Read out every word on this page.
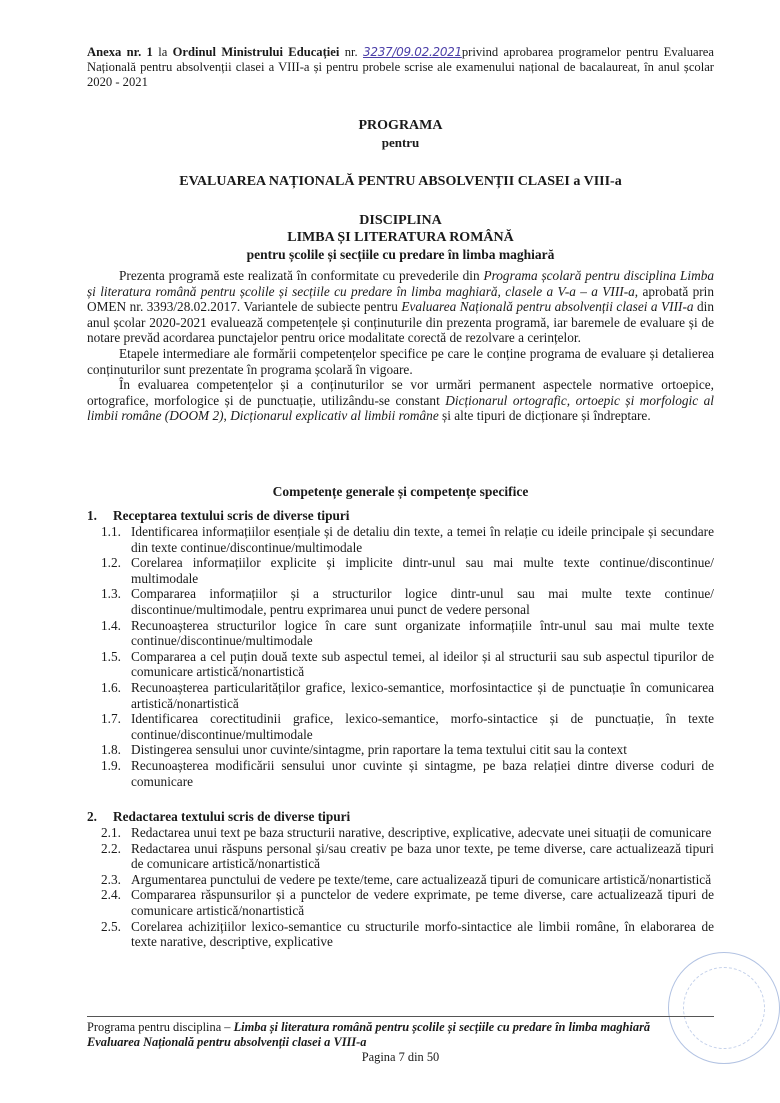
Anexa nr. 1 la Ordinul Ministrului Educației nr. 3237/09.02.2021privind aprobarea programelor pentru Evaluarea Națională pentru absolvenții clasei a VIII-a și pentru probele scrise ale examenului național de bacalaureat, în anul școlar 2020 - 2021
PROGRAMA
pentru
EVALUAREA NAȚIONALĂ PENTRU ABSOLVENȚII CLASEI a VIII-a
DISCIPLINA
LIMBA ȘI LITERATURA ROMÂNĂ
pentru școlile și secțiile cu predare în limba maghiară

Prezenta programă este realizată în conformitate cu prevederile din Programa școlară pentru disciplina Limba și literatura română pentru școlile și secțiile cu predare în limba maghiară, clasele a V-a – a VIII-a, aprobată prin OMEN nr. 3393/28.02.2017. Variantele de subiecte pentru Evaluarea Națională pentru absolvenții clasei a VIII-a din anul școlar 2020-2021 evaluează competențele și conținuturile din prezenta programă, iar baremele de evaluare și de notare prevăd acordarea punctajelor pentru orice modalitate corectă de rezolvare a cerințelor.

Etapele intermediare ale formării competențelor specifice pe care le conține programa de evaluare și detalierea conținuturilor sunt prezentate în programa școlară în vigoare.

În evaluarea competențelor și a conținuturilor se vor urmări permanent aspectele normative ortoepice, ortografice, morfologice și de punctuație, utilizându-se constant Dicționarul ortografic, ortoepic și morfologic al limbii române (DOOM 2), Dicționarul explicativ al limbii române și alte tipuri de dicționare și îndreptare.

Competențe generale și competențe specifice
1.	Receptarea textului scris de diverse tipuri
1.1. Identificarea informațiilor esențiale și de detaliu din texte, a temei în relație cu ideile principale și secundare din texte continue/discontinue/multimodale
1.2. Corelarea informațiilor explicite și implicite dintr-unul sau mai multe texte continue/discontinue/ multimodale
1.3. Compararea informațiilor și a structurilor logice dintr-unul sau mai multe texte continue/ discontinue/multimodale, pentru exprimarea unui punct de vedere personal
1.4. Recunoașterea structurilor logice în care sunt organizate informațiile într-unul sau mai multe texte continue/discontinue/multimodale
1.5. Compararea a cel puțin două texte sub aspectul temei, al ideilor și al structurii sau sub aspectul tipurilor de comunicare artistică/nonartistică
1.6. Recunoașterea particularităților grafice, lexico-semantice, morfosintactice și de punctuație în comunicarea artistică/nonartistică
1.7. Identificarea corectitudinii grafice, lexico-semantice, morfo-sintactice și de punctuație, în texte continue/discontinue/multimodale
1.8. Distingerea sensului unor cuvinte/sintagme, prin raportare la tema textului citit sau la context
1.9. Recunoașterea modificării sensului unor cuvinte și sintagme, pe baza relației dintre diverse coduri de comunicare
2.	Redactarea textului scris de diverse tipuri
2.1. Redactarea unui text pe baza structurii narative, descriptive, explicative, adecvate unei situații de comunicare
2.2. Redactarea unui răspuns personal și/sau creativ pe baza unor texte, pe teme diverse, care actualizează tipuri de comunicare artistică/nonartistică
2.3. Argumentarea punctului de vedere pe texte/teme, care actualizează tipuri de comunicare artistică/nonartistică
2.4. Compararea răspunsurilor și a punctelor de vedere exprimate, pe teme diverse, care actualizează tipuri de comunicare artistică/nonartistică
2.5. Corelarea achizițiilor lexico-semantice cu structurile morfo-sintactice ale limbii române, în elaborarea de texte narative, descriptive, explicative
Programa pentru disciplina – Limba și literatura română pentru școlile și secțiile cu predare în limba maghiară
Evaluarea Națională pentru absolvenții clasei a VIII-a
Pagina 7 din 50
